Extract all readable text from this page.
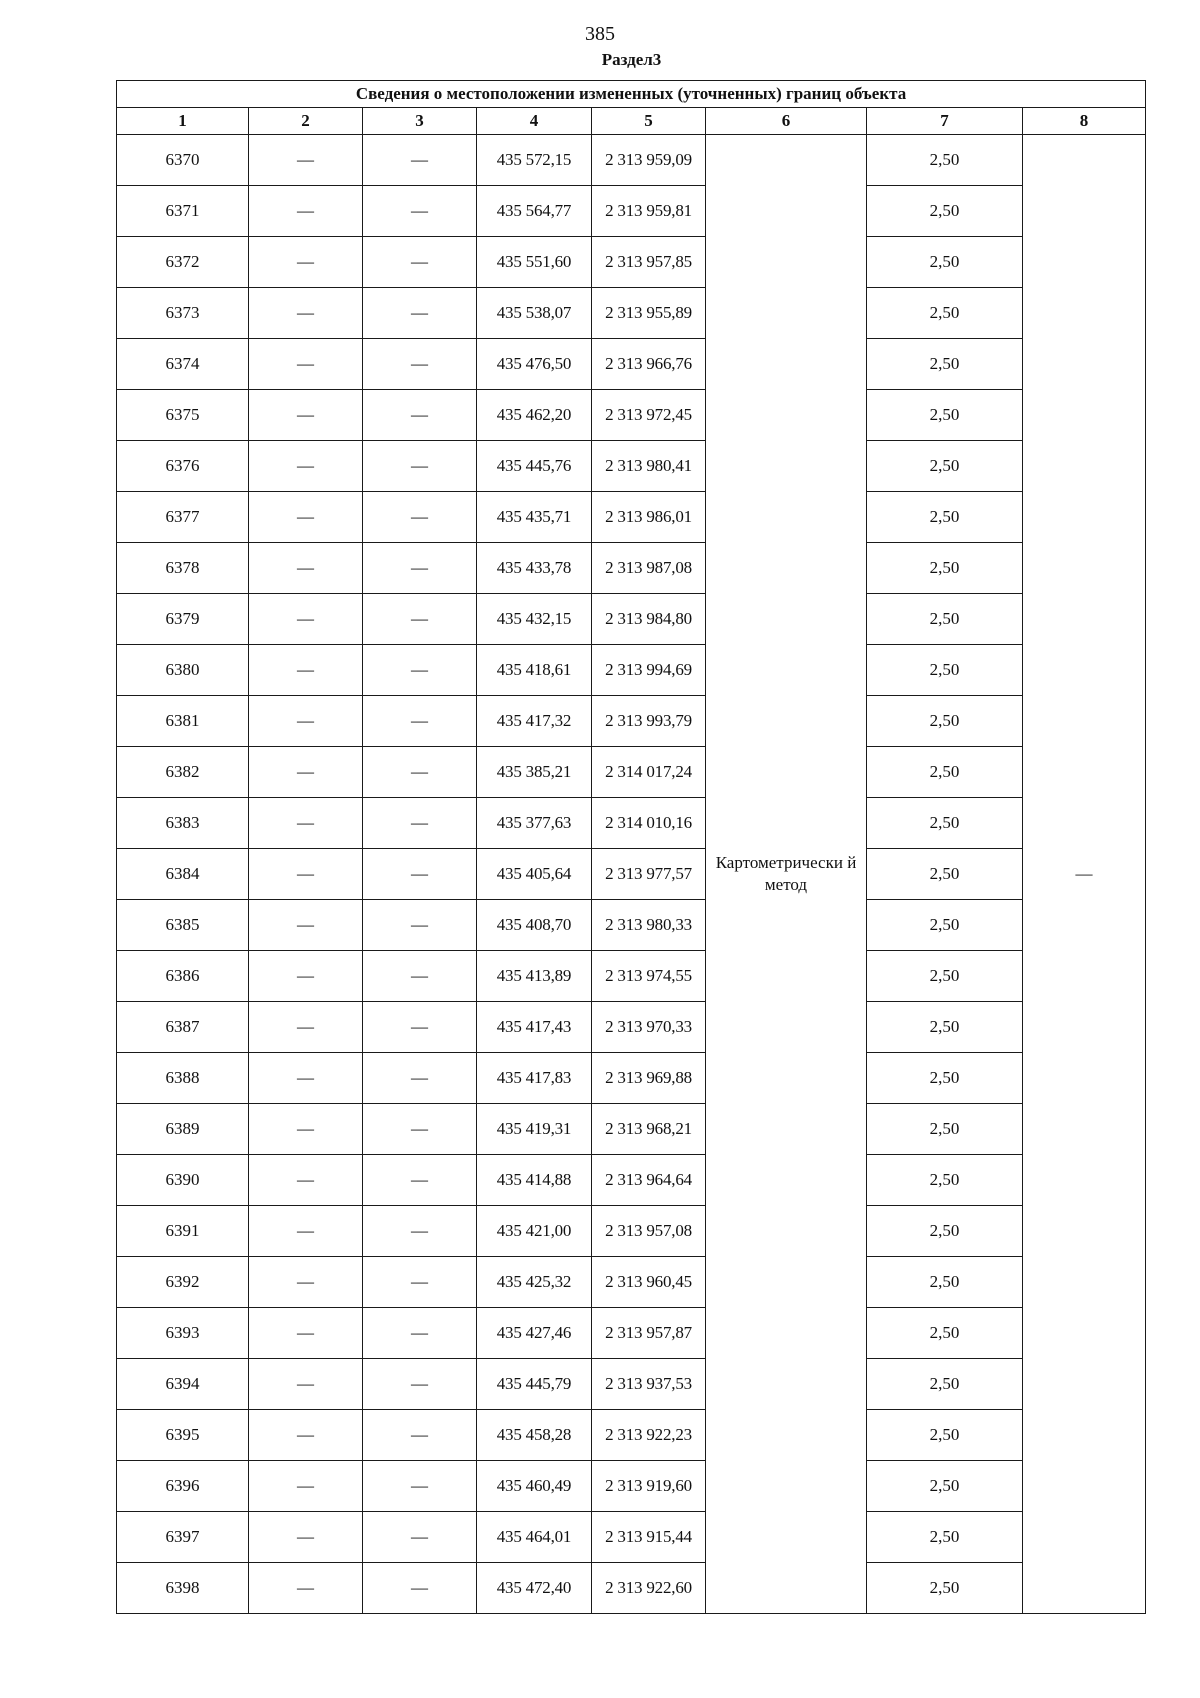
385
Раздел3
Сведения о местоположении измененных (уточненных) границ объекта							
1	2	3	4	5	6	7	8
6370	—	—	435 572,15	2 313 959,09	Картометрически й метод	2,50	—
6371	—	—	435 564,77	2 313 959,81		2,50	
6372	—	—	435 551,60	2 313 957,85		2,50	
6373	—	—	435 538,07	2 313 955,89		2,50	
6374	—	—	435 476,50	2 313 966,76		2,50	
6375	—	—	435 462,20	2 313 972,45		2,50	
6376	—	—	435 445,76	2 313 980,41		2,50	
6377	—	—	435 435,71	2 313 986,01		2,50	
6378	—	—	435 433,78	2 313 987,08		2,50	
6379	—	—	435 432,15	2 313 984,80		2,50	
6380	—	—	435 418,61	2 313 994,69		2,50	
6381	—	—	435 417,32	2 313 993,79		2,50	
6382	—	—	435 385,21	2 314 017,24		2,50	
6383	—	—	435 377,63	2 314 010,16		2,50	
6384	—	—	435 405,64	2 313 977,57		2,50	
6385	—	—	435 408,70	2 313 980,33		2,50	
6386	—	—	435 413,89	2 313 974,55		2,50	
6387	—	—	435 417,43	2 313 970,33		2,50	
6388	—	—	435 417,83	2 313 969,88		2,50	
6389	—	—	435 419,31	2 313 968,21		2,50	
6390	—	—	435 414,88	2 313 964,64		2,50	
6391	—	—	435 421,00	2 313 957,08		2,50	
6392	—	—	435 425,32	2 313 960,45		2,50	
6393	—	—	435 427,46	2 313 957,87		2,50	
6394	—	—	435 445,79	2 313 937,53		2,50	
6395	—	—	435 458,28	2 313 922,23		2,50	
6396	—	—	435 460,49	2 313 919,60		2,50	
6397	—	—	435 464,01	2 313 915,44		2,50	
6398	—	—	435 472,40	2 313 922,60		2,50	
